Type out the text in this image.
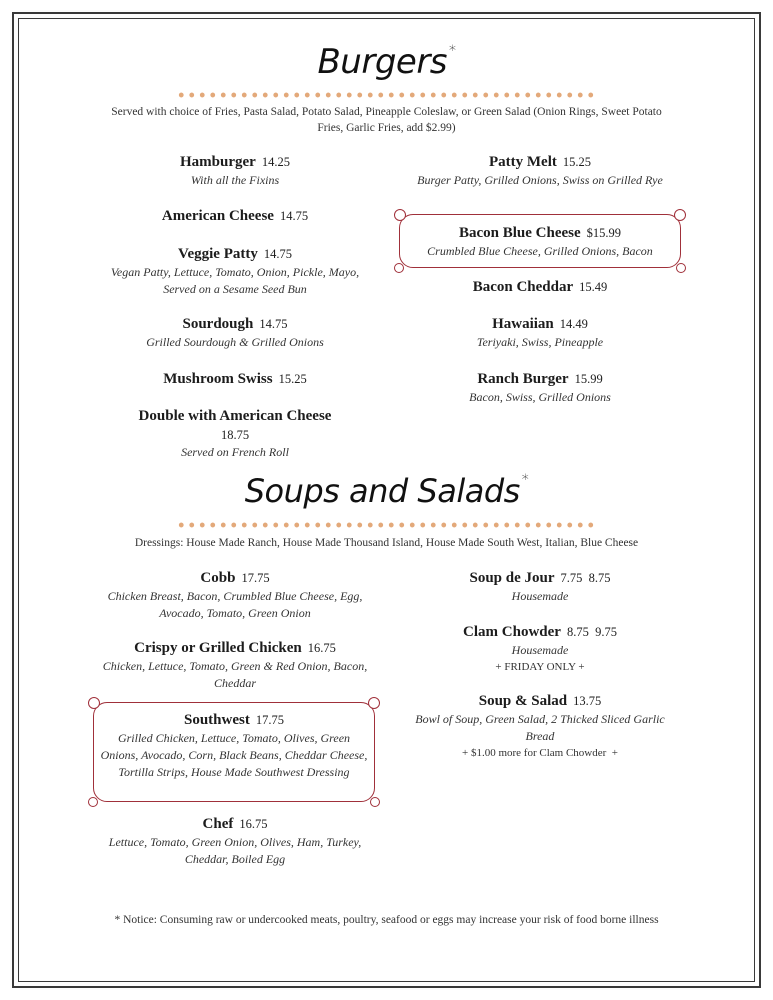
Burgers *
Served with choice of Fries, Pasta Salad, Potato Salad, Pineapple Coleslaw, or Green Salad (Onion Rings, Sweet Potato Fries, Garlic Fries, add $2.99)
Hamburger 14.25
With all the Fixins
American Cheese 14.75
Veggie Patty 14.75
Vegan Patty, Lettuce, Tomato, Onion, Pickle, Mayo, Served on a Sesame Seed Bun
Sourdough 14.75
Grilled Sourdough & Grilled Onions
Mushroom Swiss 15.25
Double with American Cheese
18.75
Served on French Roll
Patty Melt 15.25
Burger Patty, Grilled Onions, Swiss on Grilled Rye
Bacon Blue Cheese $15.99
Crumbled Blue Cheese, Grilled Onions, Bacon
Bacon Cheddar 15.49
Hawaiian 14.49
Teriyaki, Swiss, Pineapple
Ranch Burger 15.99
Bacon, Swiss, Grilled Onions
Soups and Salads *
Dressings: House Made Ranch, House Made Thousand Island, House Made South West, Italian, Blue Cheese
Cobb 17.75
Chicken Breast, Bacon, Crumbled Blue Cheese, Egg, Avocado, Tomato, Green Onion
Crispy or Grilled Chicken 16.75
Chicken, Lettuce, Tomato, Green & Red Onion, Bacon, Cheddar
Southwest 17.75
Grilled Chicken, Lettuce, Tomato, Olives, Green Onions, Avocado, Corn, Black Beans, Cheddar Cheese, Tortilla Strips, House Made Southwest Dressing
Chef 16.75
Lettuce, Tomato, Green Onion, Olives, Ham, Turkey, Cheddar, Boiled Egg
Soup de Jour 7.75  8.75
Housemade
Clam Chowder 8.75  9.75
Housemade
+ FRIDAY ONLY +
Soup & Salad 13.75
Bowl of Soup, Green Salad, 2 Thicked Sliced Garlic Bread
+ $1.00 more for Clam Chowder  +
* Notice: Consuming raw or undercooked meats, poultry, seafood or eggs may increase your risk of food borne illness
